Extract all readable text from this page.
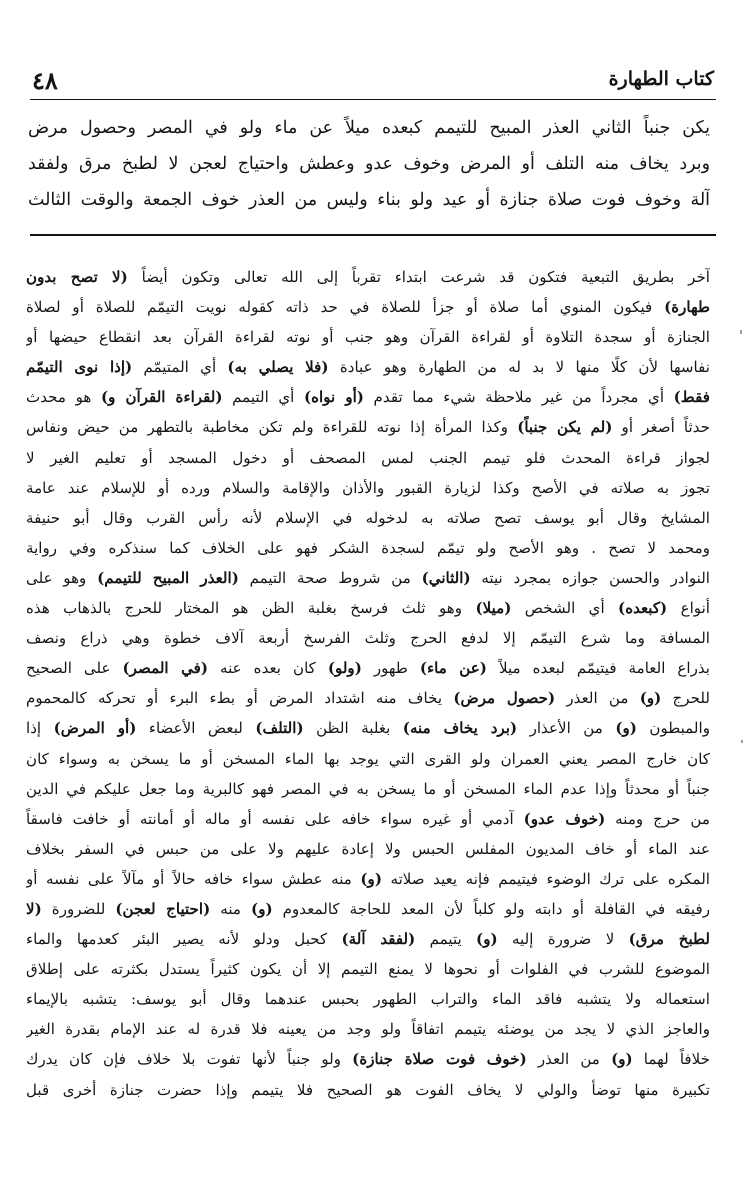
كتاب الطهارة
٤٨
يكن جنباً الثاني العذر المبيح للتيمم كبعده ميلاً عن ماء ولو في المصر وحصول مرض
وبرد يخاف منه التلف أو المرض وخوف عدو وعطش واحتياج لعجن لا لطبخ مرق ولفقد
آلة وخوف فوت صلاة جنازة أو عيد ولو بناء وليس من العذر خوف الجمعة والوقت الثالث
آخر بطريق التبعية فتكون قد شرعت ابتداء تقرباً إلى الله تعالى وتكون أيضاً (لا تصح بدون
طهارة) فيكون المنوي أما صلاة أو جزأ للصلاة في حد ذاته كقوله نويت التيمّم للصلاة أو لصلاة
الجنازة أو سجدة التلاوة أو لقراءة القرآن وهو جنب أو نوته لقراءة القرآن بعد انقطاع حيضها أو
نفاسها لأن كلًا منها لا بد له من الطهارة وهو عبادة (فلا يصلي به) أي المتيمّم (إذا نوى التيمّم
فقط) أي مجرداً من غير ملاحظة شيء مما تقدم (أو نواه) أي التيمم (لقراءة القرآن و) هو محدث
حدثاً أصغر أو (لم يكن جنباً) وكذا المرأة إذا نوته للقراءة ولم تكن مخاطبة بالتطهر من حيض ونفاس
لجواز قراءة المحدث فلو تيمم الجنب لمس المصحف أو دخول المسجد أو تعليم الغير لا
تجوز به صلاته في الأصح وكذا لزيارة القبور والأذان والإقامة والسلام ورده أو للإسلام عند عامة
المشايخ وقال أبو يوسف تصح صلاته به لدخوله في الإسلام لأنه رأس القرب وقال أبو حنيفة
ومحمد لا تصح . وهو الأصح ولو تيمّم لسجدة الشكر فهو على الخلاف كما سنذكره وفي رواية
النوادر والحسن جوازه بمجرد نيته (الثاني) من شروط صحة التيمم (العذر المبيح للتيمم) وهو على
أنواع (كبعده) أي الشخص (ميلا) وهو ثلث فرسخ بغلبة الظن هو المختار للحرج بالذهاب هذه
المسافة وما شرع التيمّم إلا لدفع الحرج وثلث الفرسخ أربعة آلاف خطوة وهي ذراع ونصف
بذراع العامة فيتيمّم لبعده ميلاً (عن ماء) طهور (ولو) كان بعده عنه (في المصر) على الصحيح
للحرج (و) من العذر (حصول مرض) يخاف منه اشتداد المرض أو بطء البرء أو تحركه كالمحموم
والمبطون (و) من الأعذار (برد يخاف منه) بغلبة الظن (التلف) لبعض الأعضاء (أو المرض) إذا
كان خارج المصر يعني العمران ولو القرى التي يوجد بها الماء المسخن أو ما يسخن به وسواء كان
جنباً أو محدثاً وإذا عدم الماء المسخن أو ما يسخن به في المصر فهو كالبرية وما جعل عليكم في الدين
من حرج ومنه (خوف عدو) آدمي أو غيره سواء خافه على نفسه أو ماله أو أمانته أو خافت فاسقاً
عند الماء أو خاف المديون المفلس الحبس ولا إعادة عليهم ولا على من حبس في السفر بخلاف
المكره على ترك الوضوء فيتيمم فإنه يعيد صلاته (و) منه عطش سواء خافه حالاً أو مآلاً على نفسه أو
رفيقه في القافلة أو دابته ولو كلباً لأن المعد للحاجة كالمعدوم (و) منه (احتياج لعجن) للضرورة (لا
لطبخ مرق) لا ضرورة إليه (و) يتيمم (لفقد آلة) كحبل ودلو لأنه يصير البئر كعدمها والماء
الموضوع للشرب في الفلوات أو نحوها لا يمنع التيمم إلا أن يكون كثيراً يستدل بكثرته على إطلاق
استعماله ولا يتشبه فاقد الماء والتراب الطهور بحبس عندهما وقال أبو يوسف: يتشبه بالإيماء
والعاجز الذي لا يجد من يوضئه يتيمم اتفاقاً ولو وجد من يعينه فلا قدرة له عند الإمام بقدرة الغير
خلافاً لهما (و) من العذر (خوف فوت صلاة جنازة) ولو جنباً لأنها تفوت بلا خلاف فإن كان يدرك
تكبيرة منها توضأ والولي لا يخاف الفوت هو الصحيح فلا يتيمم وإذا حضرت جنازة أخرى قبل
